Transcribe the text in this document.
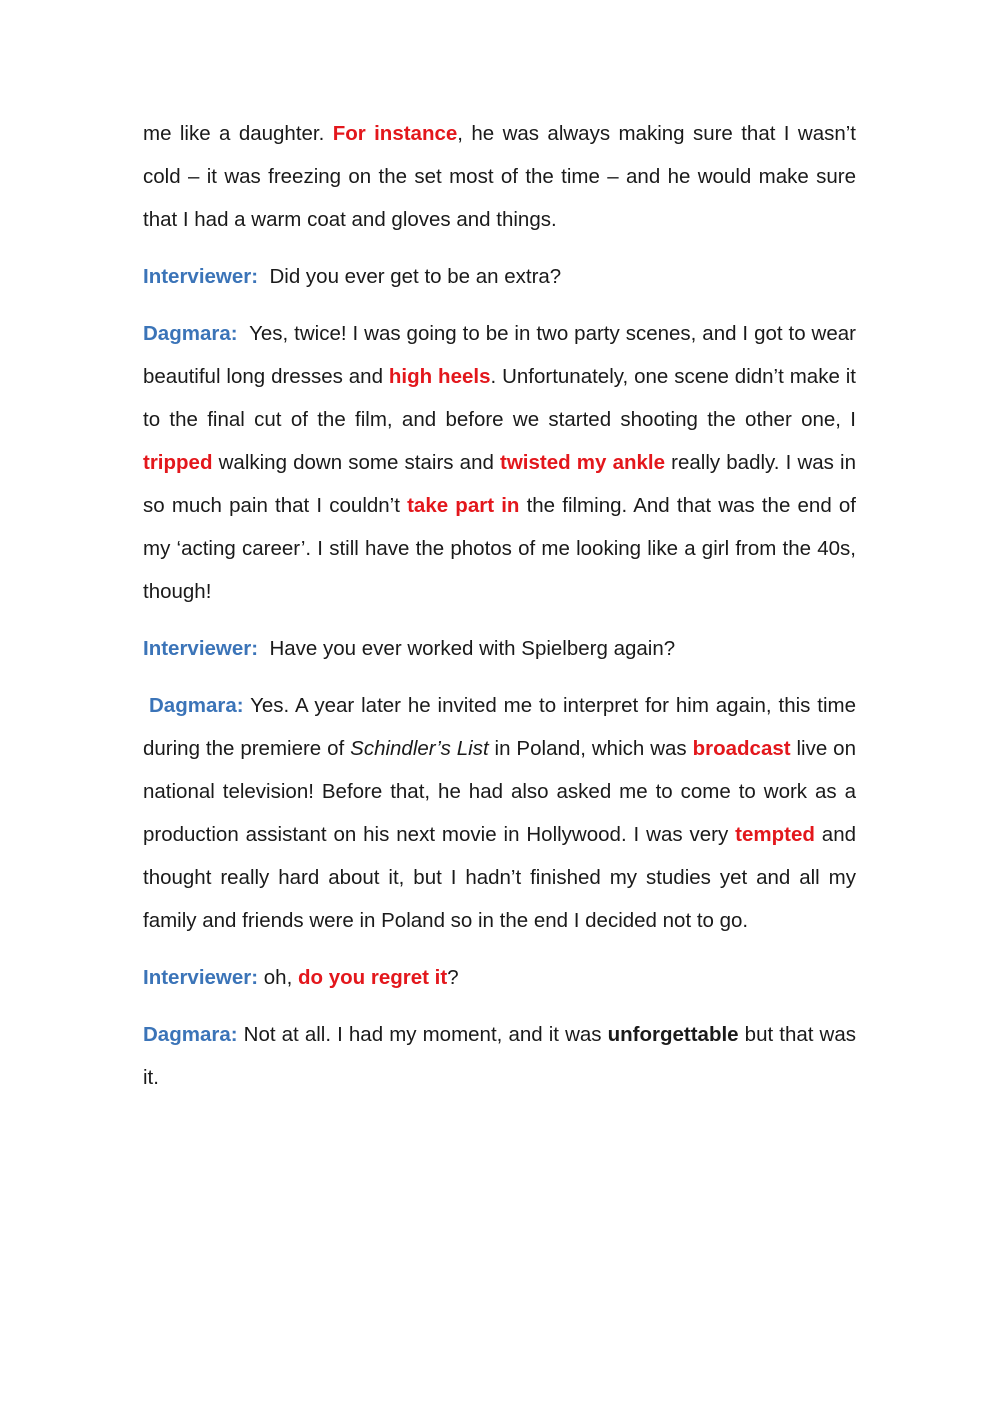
me like a daughter. For instance, he was always making sure that I wasn’t cold – it was freezing on the set most of the time – and he would make sure that I had a warm coat and gloves and things.

Interviewer:  Did you ever get to be an extra?

Dagmara:  Yes, twice! I was going to be in two party scenes, and I got to wear beautiful long dresses and high heels. Unfortunately, one scene didn’t make it to the final cut of the film, and before we started shooting the other one, I tripped walking down some stairs and twisted my ankle really badly. I was in so much pain that I couldn’t take part in the filming. And that was the end of my ‘acting career’. I still have the photos of me looking like a girl from the 40s, though!

Interviewer:  Have you ever worked with Spielberg again?

Dagmara: Yes. A year later he invited me to interpret for him again, this time during the premiere of Schindler’s List in Poland, which was broadcast live on national television! Before that, he had also asked me to come to work as a production assistant on his next movie in Hollywood. I was very tempted and thought really hard about it, but I hadn’t finished my studies yet and all my family and friends were in Poland so in the end I decided not to go.

Interviewer: oh, do you regret it?

Dagmara: Not at all. I had my moment, and it was unforgettable but that was it.
